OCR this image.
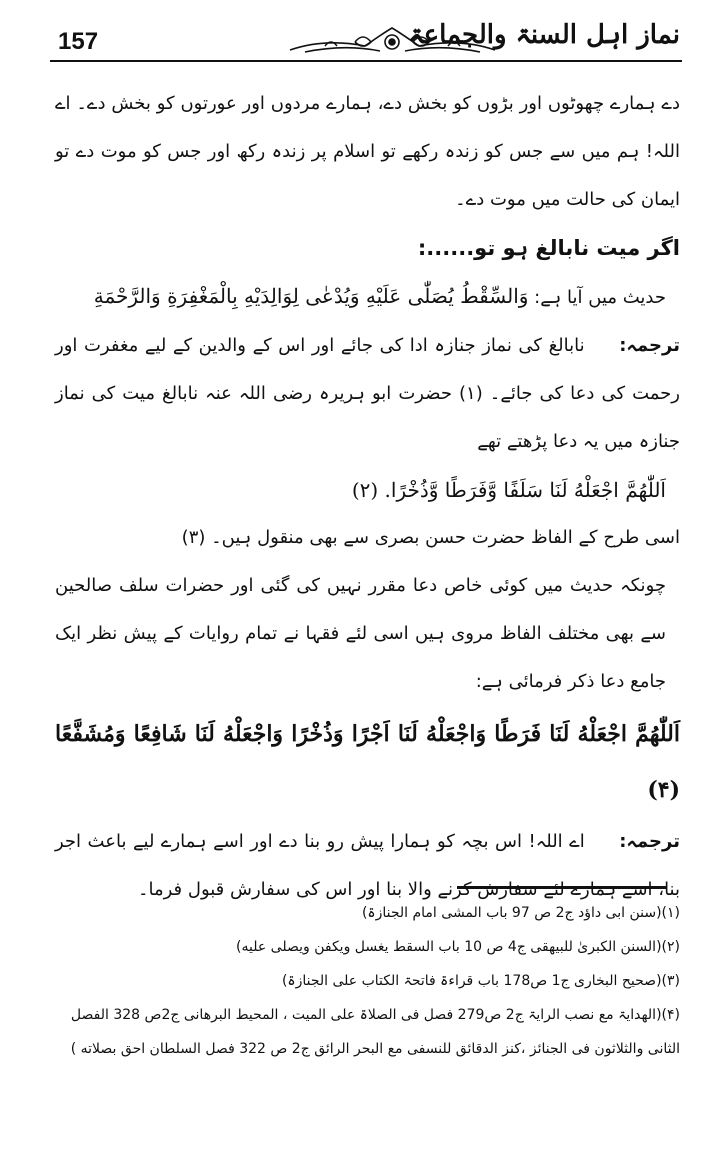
157	نماز اہل السنۃ والجماعۃ

دے ہمارے چھوٹوں اور بڑوں کو بخش دے، ہمارے مردوں اور عورتوں کو بخش دے۔ اے اللہ! ہم میں سے جس کو زندہ رکھے تو اسلام پر زندہ رکھ اور جس کو موت دے تو ایمان کی حالت میں موت دے۔

اگر میت نابالغ ہو تو......:

حدیث میں آیا ہے: وَالسِّقْطُ يُصَلّٰى عَلَيْهِ وَيُدْعٰى لِوَالِدَيْهِ بِالْمَغْفِرَةِ وَالرَّحْمَةِ

ترجمہ: نابالغ کی نماز جنازہ ادا کی جائے اور اس کے والدین کے لیے مغفرت اور رحمت کی دعا کی جائے۔ (۱) حضرت ابو ہریرہ رضی اللہ عنہ نابالغ میت کی نماز جنازہ میں یہ دعا پڑھتے تھے

اَللّٰهُمَّ اجْعَلْهُ لَنَا سَلَفًا وَّفَرَطًا وَّذُخْرًا. (۲)

اسی طرح کے الفاظ حضرت حسن بصری سے بھی منقول ہیں۔ (۳)

چونکہ حدیث میں کوئی خاص دعا مقرر نہیں کی گئی اور حضرات سلف صالحین سے بھی مختلف الفاظ مروی ہیں اسی لئے فقہا نے تمام روایات کے پیش نظر ایک جامع دعا ذکر فرمائی ہے:

اَللّٰهُمَّ اجْعَلْهُ لَنَا فَرَطًا وَاجْعَلْهُ لَنَا اَجْرًا وَذُخْرًا وَاجْعَلْهُ لَنَا شَافِعًا وَمُشَفَّعًا (۴)

ترجمہ: اے اللہ! اس بچہ کو ہمارا پیش رو بنا دے اور اسے ہمارے لیے باعث اجر بنا، اسے ہمارے لئے سفارش کرنے والا بنا اور اس کی سفارش قبول فرما۔

(۱)(سنن ابی داؤد ج2 ص 97 باب المشی امام الجنازۃ)
(۲)(السنن الکبریٰ للبیھقی ج4 ص 10 باب السقط یغسل ویکفن ویصلی علیه)
(۳)(صحیح البخاری ج1 ص178 باب قراءۃ فاتحۃ الکتاب علی الجنازۃ)
(۴)(الھدایۃ مع نصب الرایۃ ج2 ص279 فصل فی الصلاۃ علی المیت ، المحیط البرھانی ج2ص 328 الفصل الثانی والثلاثون فی الجنائز ،کنز الدقائق للنسفی مع البحر الرائق ج2 ص 322 فصل السلطان احق بصلاته )
